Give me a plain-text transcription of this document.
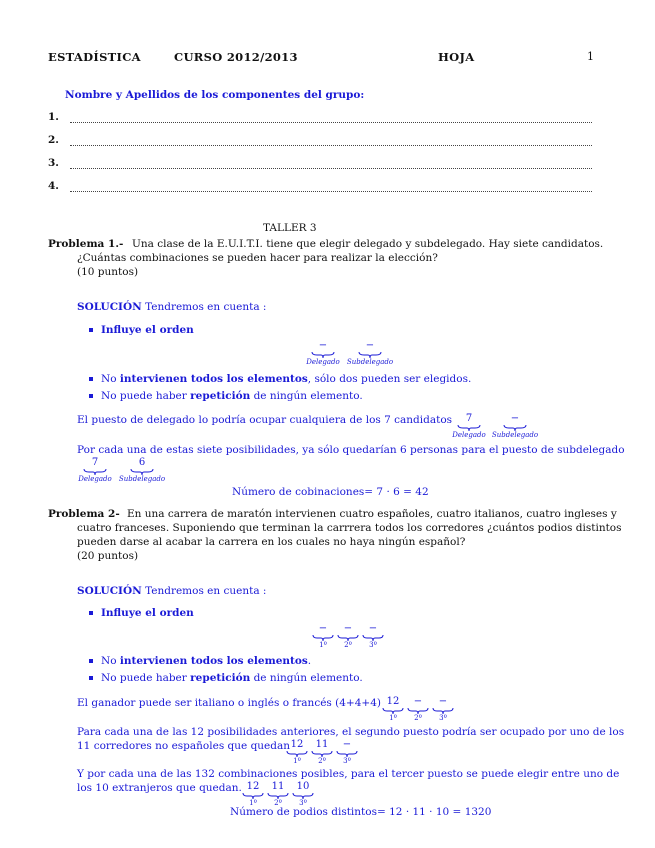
ESTADÍSTICA	CURSO 2012/2013	HOJA	1
Nombre y Apellidos de los componentes del grupo:
1.
2.
3.
4.
TALLER 3
Problema 1.- Una clase de la E.U.I.T.I. tiene que elegir delegado y subdelegado. Hay siete candidatos.
¿Cuántas combinaciones se pueden hacer para realizar la elección?
(10 puntos)
SOLUCIÓN Tendremos en cuenta :
Influye el orden
−
Delegado
−
Subdelegado
No intervienen todos los elementos, sólo dos pueden ser elegidos.
No puede haber repetición de ningún elemento.
El puesto de delegado lo podría ocupar cualquiera de los 7 candidatos	7
Delegado
−
Subdelegado
Por cada una de estas siete posibilidades, ya sólo quedarían 6 personas para el puesto de subdelegado
7
Delegado
6
Subdelegado
Número de cobinaciones= 7 · 6 = 42
Problema 2- En una carrera de maratón intervienen cuatro españoles, cuatro italianos, cuatro ingleses y
cuatro franceses. Suponiendo que terminan la carrrera todos los corredores ¿cuántos podios distintos
pueden darse al acabar la carrera en los cuales no haya ningún español?
(20 puntos)
SOLUCIÓN Tendremos en cuenta :
Influye el orden
−
1º
−
2º
−
3º
No intervienen todos los elementos.
No puede haber repetición de ningún elemento.
El ganador puede ser italiano o inglés o francés (4+4+4) 12
1º
−
2º
−
3º
Para cada una de las 12 posibilidades anteriores, el segundo puesto podría ser ocupado por uno de los
11 corredores no españoles que quedan 12
1º
11
2º
−
3º
Y por cada una de las 132 combinaciones posibles, para el tercer puesto se puede elegir entre uno de
los 10 extranjeros que quedan. 12
1º
11
2º
10
3º
Número de podios distintos= 12 · 11 · 10 = 1320
